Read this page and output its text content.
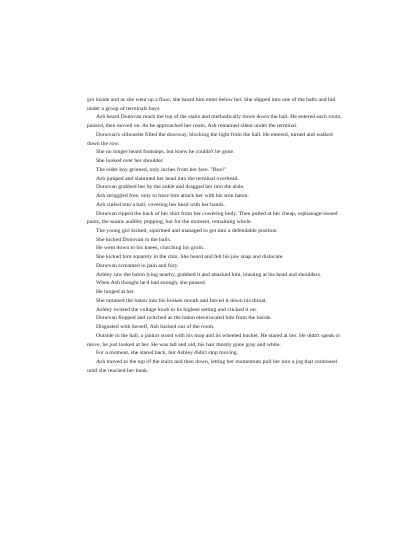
got inside and as she went up a floor, she heard him enter below her. She slipped into one of the halls and hid under a group of terminals bays.

Ash heard Donovan reach the top of the stairs and methodically move down the hall. He entered each room, paused, then moved on. As he approached her room, Ash remained silent under the terminal.

Donovan's silhouette filled the doorway, blocking the light from the hall. He entered, turned and walked down the row.

She no longer heard footsteps, but knew he couldn't be gone.

She looked over her shoulder.

The older boy grinned, only inches from her face. "Boo!"

Ash jumped and slammed her head into the terminal overhead.

Donovan grabbed her by the ankle and dragged her into the aisle.

Ash struggled free, only to have him attack her with his stun baton.

Ash curled into a ball, covering her head with her hands.

Donovan ripped the back of her shirt from her cowering body. Then pulled at her cheap, orphanage-issued pants, the seams audibly popping, but for the moment, remaining whole.

The young girl kicked, squirmed and managed to get into a defendable position.

She kicked Donovan in the balls.

He went down to his knees, clutching his groin.

She kicked him squarely in the chin. She heard and felt his jaw snap and dislocate.

Donovan screamed in pain and fury.

Ashley saw the baton lying nearby, grabbed it and attacked him, blasting at his head and shoulders.

When Ash thought he'd had enough, she paused.

He lunged at her.

She rammed the baton into his broken mouth and forced it down his throat.

Ashley twisted the voltage knob to its highest setting and clicked it on.

Donovan flopped and twitched as the baton electrocuted him from the inside.

Disgusted with herself, Ash backed out of the room.

Outside in the hall, a janitor stood with his mop and its wheeled bucket. He stared at her. He didn't speak or move, he just looked at her. He was tall and old, his hair mostly gone gray and white.

For a moment, she stared back, but Ashley didn't stop moving.

Ash moved to the top of the stairs and then down, letting her momentum pull her into a jog that continued until she reached her bunk.
